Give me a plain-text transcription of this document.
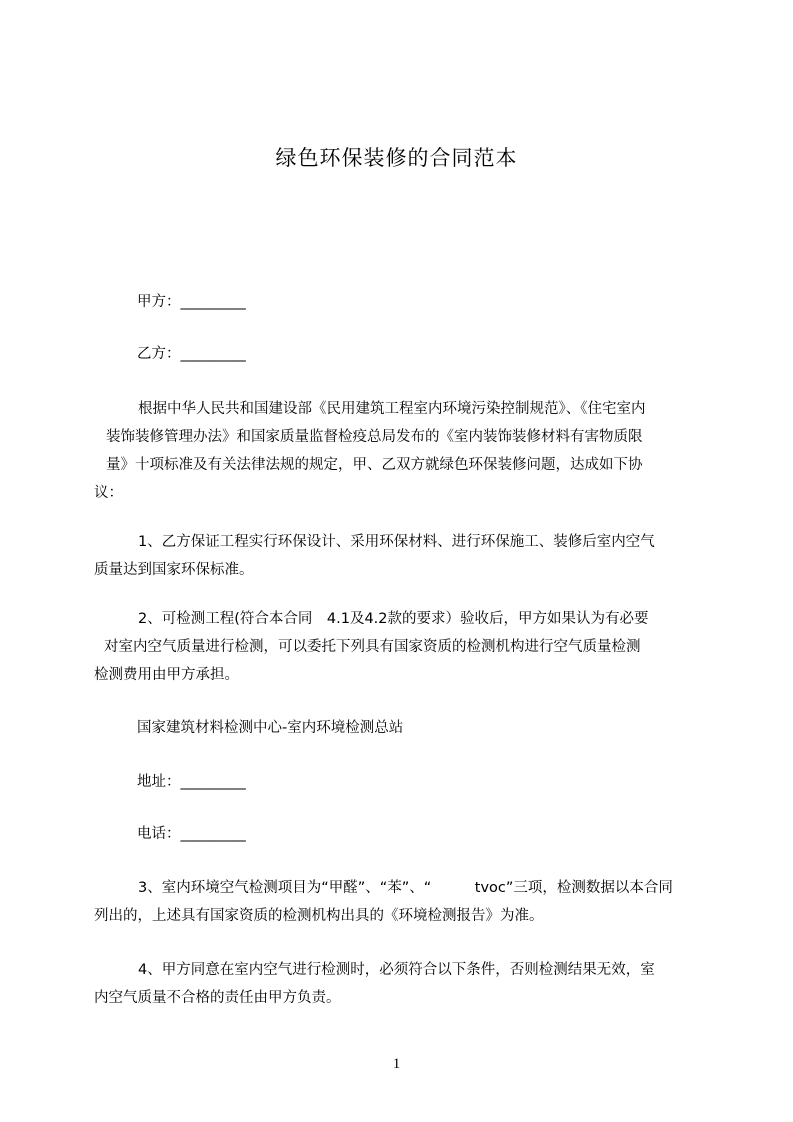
绿色环保装修的合同范本
甲方：_________
乙方：_________
根据中华人民共和国建设部《民用建筑工程室内环境污染控制规范》、《住宅室内
装饰装修管理办法》和国家质量监督检疫总局发布的《室内装饰装修材料有害物质限
量》十项标准及有关法律法规的规定，甲、乙双方就绿色环保装修问题，达成如下协
议：
1、乙方保证工程实行环保设计、采用环保材料、进行环保施工、装修后室内空气
质量达到国家环保标准。
2、可检测工程(符合本合同　4.1及4.2款的要求）验收后，甲方如果认为有必要
对室内空气质量进行检测，可以委托下列具有国家资质的检测机构进行空气质量检测
检测费用由甲方承担。
国家建筑材料检测中心-室内环境检测总站
地址：_________
电话：_________
3、室内环境空气检测项目为“甲醛”、“苯”、“　　　tvoc”三项，检测数据以本合同
列出的，上述具有国家资质的检测机构出具的《环境检测报告》为准。
4、甲方同意在室内空气进行检测时，必须符合以下条件，否则检测结果无效，室
内空气质量不合格的责任由甲方负责。
1
